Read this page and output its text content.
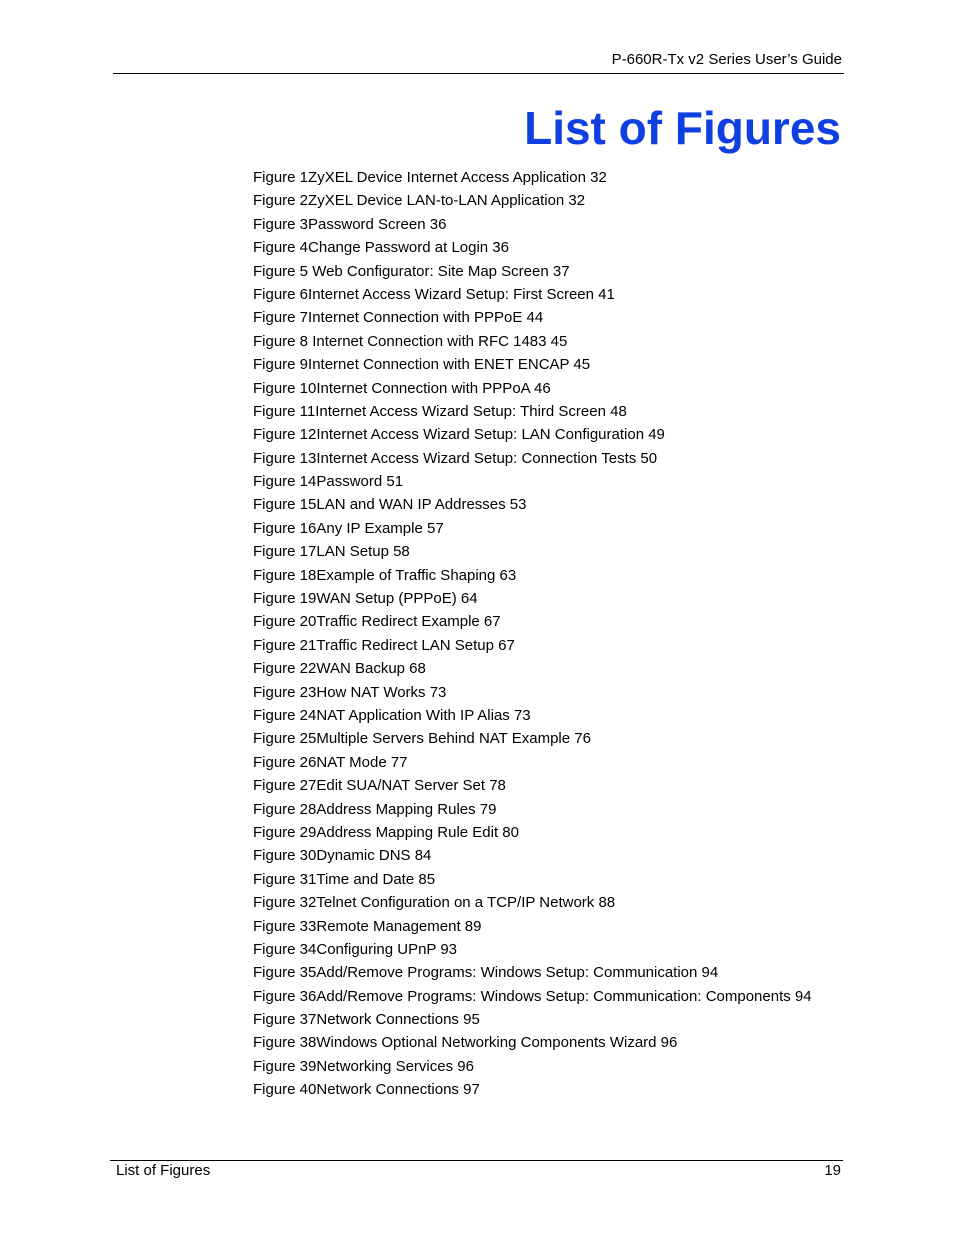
P-660R-Tx v2 Series User’s Guide
List of Figures
Figure 1ZyXEL Device Internet Access Application 32
Figure 2ZyXEL Device LAN-to-LAN Application 32
Figure 3Password Screen 36
Figure 4Change Password at Login 36
Figure 5 Web Configurator: Site Map Screen 37
Figure 6Internet Access Wizard Setup: First Screen 41
Figure 7Internet Connection with PPPoE 44
Figure 8 Internet Connection with RFC 1483 45
Figure 9Internet Connection with ENET ENCAP 45
Figure 10Internet Connection with PPPoA 46
Figure 11Internet Access Wizard Setup: Third Screen 48
Figure 12Internet Access Wizard Setup: LAN Configuration 49
Figure 13Internet Access Wizard Setup: Connection Tests 50
Figure 14Password 51
Figure 15LAN and WAN IP Addresses 53
Figure 16Any IP Example 57
Figure 17LAN Setup 58
Figure 18Example of Traffic Shaping 63
Figure 19WAN Setup (PPPoE) 64
Figure 20Traffic Redirect Example 67
Figure 21Traffic Redirect LAN Setup 67
Figure 22WAN Backup 68
Figure 23How NAT Works 73
Figure 24NAT Application With IP Alias 73
Figure 25Multiple Servers Behind NAT Example 76
Figure 26NAT Mode 77
Figure 27Edit SUA/NAT Server Set 78
Figure 28Address Mapping Rules 79
Figure 29Address Mapping Rule Edit 80
Figure 30Dynamic DNS 84
Figure 31Time and Date 85
Figure 32Telnet Configuration on a TCP/IP Network 88
Figure 33Remote Management 89
Figure 34Configuring UPnP 93
Figure 35Add/Remove Programs: Windows Setup: Communication 94
Figure 36Add/Remove Programs: Windows Setup: Communication: Components 94
Figure 37Network Connections 95
Figure 38Windows Optional Networking Components Wizard 96
Figure 39Networking Services 96
Figure 40Network Connections 97
List of Figures	19
